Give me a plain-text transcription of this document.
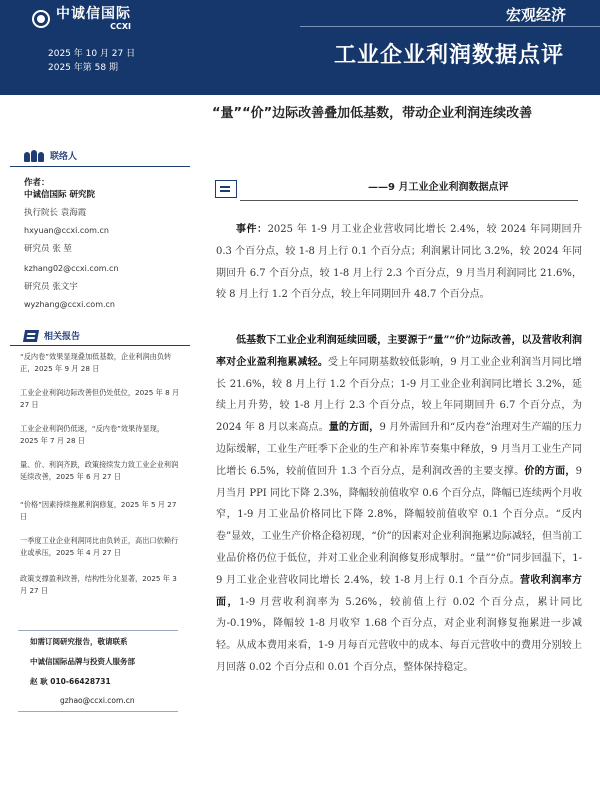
中诚信国际
CCXI
宏观经济
2025 年 10 月 27 日
2025 年第 58 期	工业企业利润数据点评
联络人
作者：
中诚信国际 研究院
执行院长 袁海霞
hxyuan@ccxi.com.cn
研究员 张 堃
kzhang02@ccxi.com.cn
研究员 张文宇
wyzhang@ccxi.com.cn
相关报告
“反内卷”效果显现叠加低基数，企业利润由负转正，2025 年 9 月 28 日
工业企业利润边际改善但仍处低位，2025 年 8 月 27 日
工业企业利润仍低迷，“反内卷”效果待显现，2025 年 7 月 28 日
量、价、利润齐跌，政策接续发力致工业企业利润延续改善，2025 年 6 月 27 日
“价格”因素持续拖累利润修复，2025 年 5 月 27 日
一季度工业企业利润同比由负转正，高出口依赖行业或承压，2025 年 4 月 27 日
政策支撑盈利改善，结构性分化显著，2025 年 3 月 27 日
如需订阅研究报告，敬请联系
中诚信国际品牌与投资人服务部
赵 耿 010-66428731
gzhao@ccxi.com.cn
“量”“价”边际改善叠加低基数，带动企业利润连续改善
——9 月工业企业利润数据点评
事件：2025 年 1-9 月工业企业营收同比增长 2.4%，较 2024 年同期回升 0.3 个百分点，较 1-8 月上行 0.1 个百分点；利润累计同比 3.2%，较 2024 年同期回升 6.7 个百分点，较 1-8 月上行 2.3 个百分点，9 月当月利润同比 21.6%，较 8 月上行 1.2 个百分点，较上年同期回升 48.7 个百分点。
低基数下工业企业利润延续回暖，主要源于“量”“价”边际改善，以及营收利润率对企业盈利拖累减轻。受上年同期基数较低影响，9 月工业企业利润当月同比增长 21.6%，较 8 月上行 1.2 个百分点；1-9 月工业企业利润同比增长 3.2%，延续上月升势，较 1-8 月上行 2.3 个百分点，较上年同期回升 6.7 个百分点，为 2024 年 8 月以来高点。量的方面，9 月外需回升和“反内卷”治理对生产端的压力边际缓解，工业生产旺季下企业的生产和补库节奏集中释放，9 月当月工业生产同比增长 6.5%，较前值回升 1.3 个百分点，是利润改善的主要支撑。价的方面，9 月当月 PPI 同比下降 2.3%，降幅较前值收窄 0.6 个百分点，降幅已连续两个月收窄，1-9 月工业品价格同比下降 2.8%，降幅较前值收窄 0.1 个百分点。“反内卷”显效，工业生产价格企稳初现，“价”的因素对企业利润拖累边际减轻，但当前工业品价格仍位于低位，并对工业企业利润修复形成掣肘。“量”“价”同步回温下，1-9 月工业企业营收同比增长 2.4%，较 1-8 月上行 0.1 个百分点。营收利润率方面，1-9 月营收利润率为 5.26%，较前值上行 0.02 个百分点，累计同比为-0.19%，降幅较 1-8 月收窄 1.68 个百分点，对企业利润修复拖累进一步减轻。从成本费用来看，1-9 月每百元营收中的成本、每百元营收中的费用分别较上月回落 0.02 个百分点和 0.01 个百分点，整体保持稳定。
